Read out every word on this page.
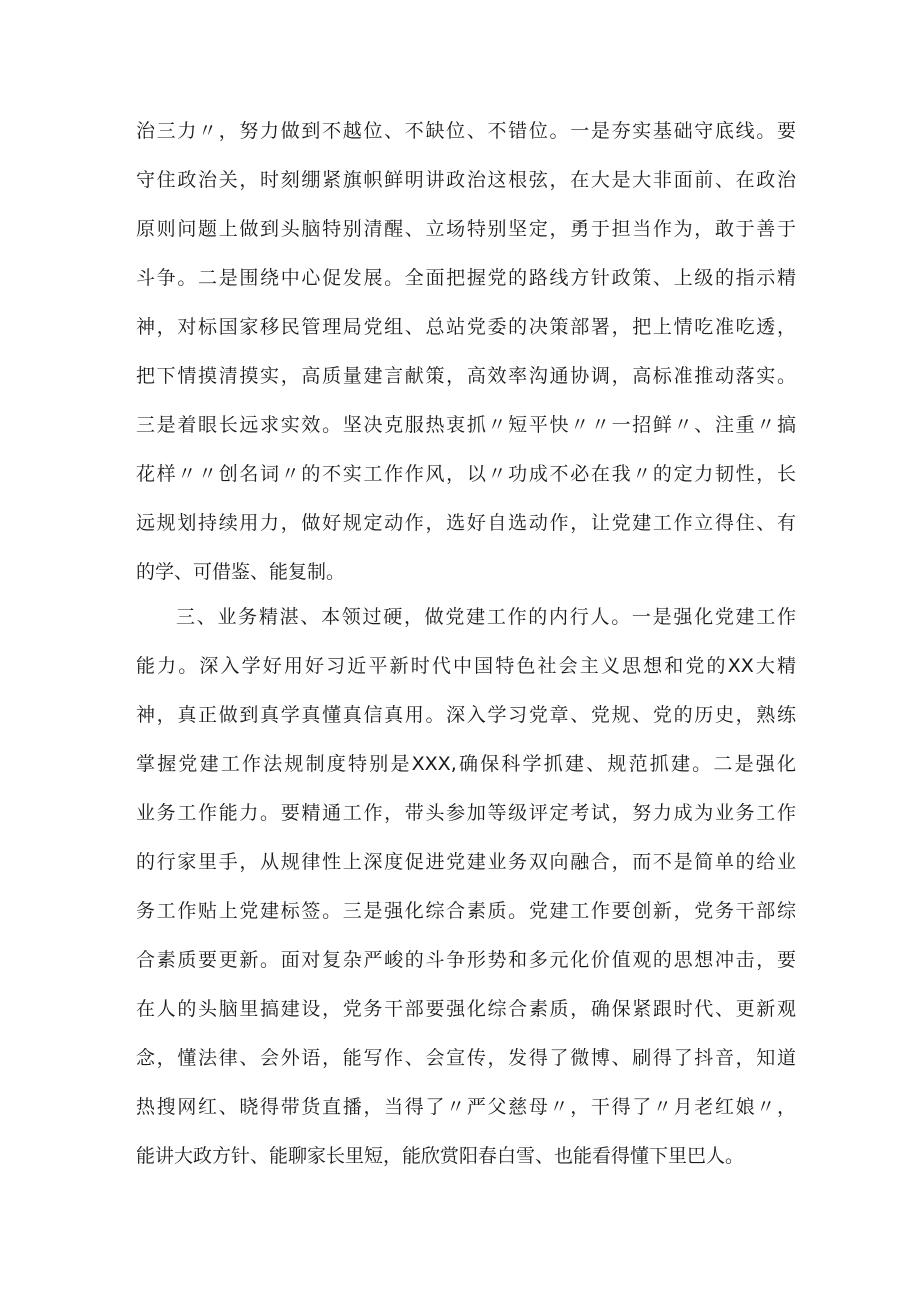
治三力〃，努力做到不越位、不缺位、不错位。一是夯实基础守底线。要
守住政治关，时刻绷紧旗帜鲜明讲政治这根弦，在大是大非面前、在政治
原则问题上做到头脑特别清醒、立场特别坚定，勇于担当作为，敢于善于
斗争。二是围绕中心促发展。全面把握党的路线方针政策、上级的指示精
神，对标国家移民管理局党组、总站党委的决策部署，把上情吃准吃透，
把下情摸清摸实，高质量建言献策，高效率沟通协调，高标准推动落实。
三是着眼长远求实效。坚决克服热衷抓〃短平快〃〃一招鲜〃、注重〃搞
花样〃〃创名词〃的不实工作作风，以〃功成不必在我〃的定力韧性，长
远规划持续用力，做好规定动作，选好自选动作，让党建工作立得住、有
的学、可借鉴、能复制。
三、业务精湛、本领过硬，做党建工作的内行人。一是强化党建工作
能力。深入学好用好习近平新时代中国特色社会主义思想和党的XX大精
神，真正做到真学真懂真信真用。深入学习党章、党规、党的历史，熟练
掌握党建工作法规制度特别是XXX,确保科学抓建、规范抓建。二是强化
业务工作能力。要精通工作，带头参加等级评定考试，努力成为业务工作
的行家里手，从规律性上深度促进党建业务双向融合，而不是简单的给业
务工作贴上党建标签。三是强化综合素质。党建工作要创新，党务干部综
合素质要更新。面对复杂严峻的斗争形势和多元化价值观的思想冲击，要
在人的头脑里搞建设，党务干部要强化综合素质，确保紧跟时代、更新观
念，懂法律、会外语，能写作、会宣传，发得了微博、刷得了抖音，知道
热搜网红、晓得带货直播，当得了〃严父慈母〃，干得了〃月老红娘〃，
能讲大政方针、能聊家长里短，能欣赏阳春白雪、也能看得懂下里巴人。
